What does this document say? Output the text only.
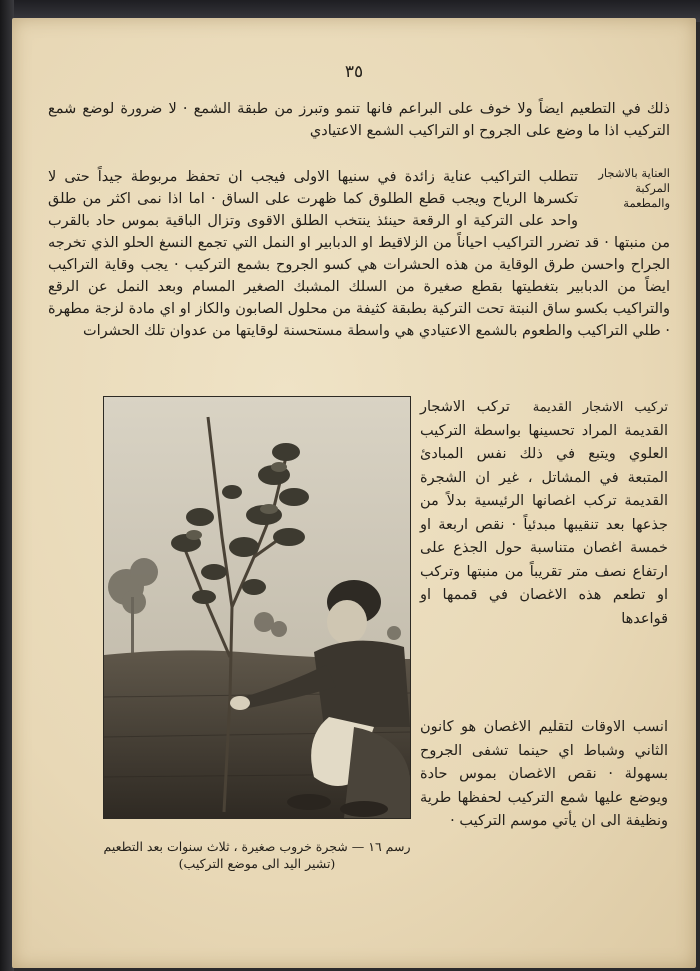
٣٥
ذلك في التطعيم ايضاً ولا خوف على البراعم فانها تنمو وتبرز من طبقة الشمع · لا ضرورة لوضع شمع التركيب اذا ما وضع على الجروح او التراكيب الشمع الاعتيادي
العناية بالاشجار المركبة والمطعمة
تتطلب التراكيب عناية زائدة في سنيها الاولى فيجب ان تحفظ مربوطة جيداً حتى لا تكسرها الرياح ويجب قطع الطلوق كما ظهرت على الساق · اما اذا نمى اكثر من طلق واحد على التركية او الرقعة حينئذ ينتخب الطلق الاقوى وتزال الباقية بموس حاد بالقرب من منبتها · قد تضرر التراكيب احياناً من الزلاقيط او الدبابير او النمل التي تجمع النسغ الحلو الذي تخرجه الجراح واحسن طرق الوقاية من هذه الحشرات هي كسو الجروح بشمع التركيب · يجب وقاية التراكيب ايضاً من الدبابير بتغطيتها بقطع صغيرة من السلك المشبك الصغير المسام وبعد النمل عن الرقع والتراكيب بكسو ساق النبتة تحت التركية بطبقة كثيفة من محلول الصابون والكاز او اي مادة لزجة مطهرة · طلي التراكيب والطعوم بالشمع الاعتيادي هي واسطة مستحسنة لوقايتها من عدوان تلك الحشرات
رسم ١٦ — شجرة خروب صغيرة ، ثلاث سنوات بعد التطعيم
(تشير اليد الى موضع التركيب)
تركيب الاشجار القديمة  تركب الاشجار القديمة المراد تحسينها بواسطة التركيب العلوي ويتبع في ذلك نفس المبادئ المتبعة في المشاتل ، غير ان الشجرة القديمة تركب اغصانها الرئيسية بدلاً من جذعها بعد تنقيبها مبدئياً · نقص اربعة او خمسة اغصان متناسبة حول الجذع على ارتفاع نصف متر تقريباً من منبتها وتركب او تطعم هذه الاغصان في قممها او قواعدها
انسب الاوقات لتقليم الاغصان هو كانون الثاني وشباط اي حينما تشفى الجروح بسهولة · نقص الاغصان بموس حادة ويوضع عليها شمع التركيب لحفظها طرية ونظيفة الى ان يأتي موسم التركيب ·
